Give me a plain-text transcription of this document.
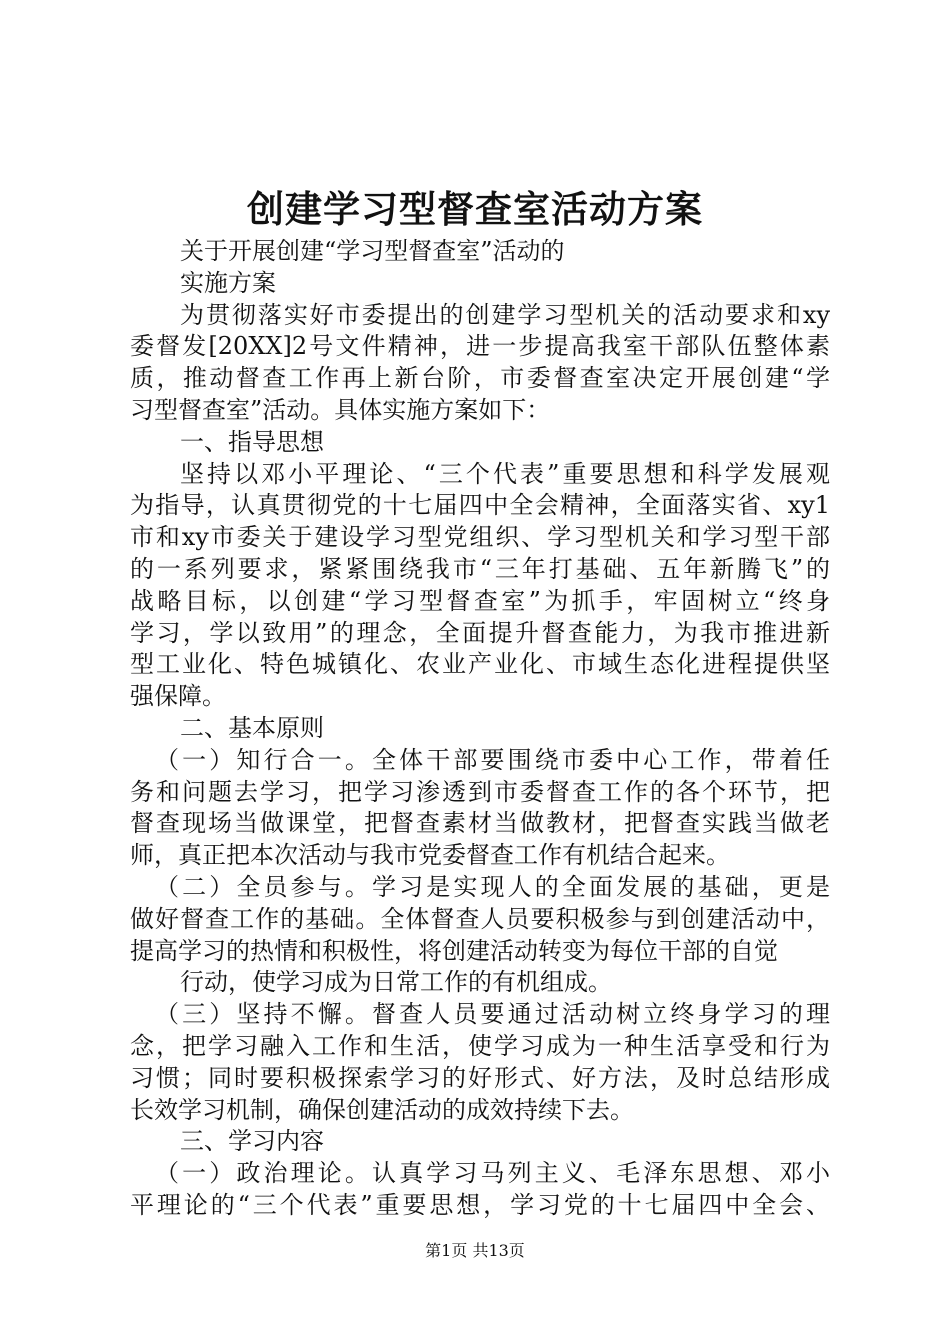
创建学习型督查室活动方案
关于开展创建“学习型督查室”活动的
实施方案
为贯彻落实好市委提出的创建学习型机关的活动要求和xy
委督发[20XX]2号文件精神，进一步提高我室干部队伍整体素
质，推动督查工作再上新台阶，市委督查室决定开展创建“学
习型督查室”活动。具体实施方案如下：
一、指导思想
坚持以邓小平理论、“三个代表”重要思想和科学发展观
为指导，认真贯彻党的十七届四中全会精神，全面落实省、xy1
市和xy市委关于建设学习型党组织、学习型机关和学习型干部
的一系列要求，紧紧围绕我市“三年打基础、五年新腾飞”的
战略目标，以创建“学习型督查室”为抓手，牢固树立“终身
学习，学以致用”的理念，全面提升督查能力，为我市推进新
型工业化、特色城镇化、农业产业化、市域生态化进程提供坚
强保障。
二、基本原则
（一）知行合一。全体干部要围绕市委中心工作，带着任
务和问题去学习，把学习渗透到市委督查工作的各个环节，把
督查现场当做课堂，把督查素材当做教材，把督查实践当做老
师，真正把本次活动与我市党委督查工作有机结合起来。
（二）全员参与。学习是实现人的全面发展的基础，更是
做好督查工作的基础。全体督查人员要积极参与到创建活动中，
提高学习的热情和积极性，将创建活动转变为每位干部的自觉
行动，使学习成为日常工作的有机组成。
（三）坚持不懈。督查人员要通过活动树立终身学习的理
念，把学习融入工作和生活，使学习成为一种生活享受和行为
习惯；同时要积极探索学习的好形式、好方法，及时总结形成
长效学习机制，确保创建活动的成效持续下去。
三、学习内容
（一）政治理论。认真学习马列主义、毛泽东思想、邓小
平理论的“三个代表”重要思想，学习党的十七届四中全会、
第1页 共13页
